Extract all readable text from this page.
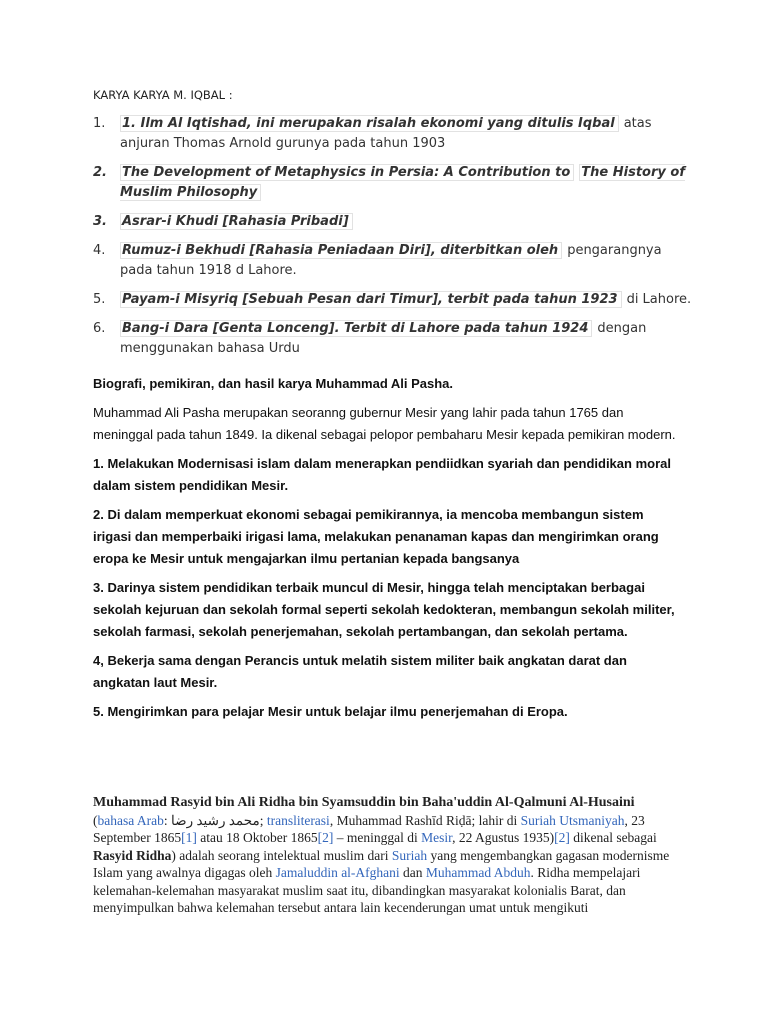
KARYA KARYA M. IQBAL :
1. 1. Ilm Al Iqtishad, ini merupakan risalah ekonomi yang ditulis Iqbal atas anjuran Thomas Arnold gurunya pada tahun 1903
2. The Development of Metaphysics in Persia: A Contribution to The History of Muslim Philosophy
3. Asrar-i Khudi [Rahasia Pribadi]
4. Rumuz-i Bekhudi [Rahasia Peniadaan Diri], diterbitkan oleh pengarangnya pada tahun 1918 d Lahore.
5. Payam-i Misyriq [Sebuah Pesan dari Timur], terbit pada tahun 1923 di Lahore.
6. Bang-i Dara [Genta Lonceng]. Terbit di Lahore pada tahun 1924 dengan menggunakan bahasa Urdu

Biografi, pemikiran, dan hasil karya Muhammad Ali Pasha.

Muhammad Ali Pasha merupakan seoranng gubernur Mesir yang lahir pada tahun 1765 dan meninggal pada tahun 1849. Ia dikenal sebagai pelopor pembaharu Mesir kepada pemikiran modern.

1. Melakukan Modernisasi islam dalam menerapkan pendiidkan syariah dan pendidikan moral dalam sistem pendidikan Mesir.

2. Di dalam memperkuat ekonomi sebagai pemikirannya, ia mencoba membangun sistem irigasi dan memperbaiki irigasi lama, melakukan penanaman kapas dan mengirimkan orang eropa ke Mesir untuk mengajarkan ilmu pertanian kepada bangsanya

3. Darinya sistem pendidikan terbaik muncul di Mesir, hingga telah menciptakan berbagai sekolah kejuruan dan sekolah formal seperti sekolah kedokteran, membangun sekolah militer, sekolah farmasi, sekolah penerjemahan, sekolah pertambangan, dan sekolah pertama.

4, Bekerja sama dengan Perancis untuk melatih sistem militer baik angkatan darat dan angkatan laut Mesir.

5. Mengirimkan para pelajar Mesir untuk belajar ilmu penerjemahan di Eropa.

Muhammad Rasyid bin Ali Ridha bin Syamsuddin bin Baha'uddin Al-Qalmuni Al-Husaini (bahasa Arab: محمد رشيد رضا; transliterasi, Muhammad Rashīd Riḍā; lahir di Suriah Utsmaniyah, 23 September 1865[1] atau 18 Oktober 1865[2] – meninggal di Mesir, 22 Agustus 1935)[2] dikenal sebagai Rasyid Ridha) adalah seorang intelektual muslim dari Suriah yang mengembangkan gagasan modernisme Islam yang awalnya digagas oleh Jamaluddin al-Afghani dan Muhammad Abduh. Ridha mempelajari kelemahan-kelemahan masyarakat muslim saat itu, dibandingkan masyarakat kolonialis Barat, dan menyimpulkan bahwa kelemahan tersebut antara lain kecenderungan umat untuk mengikuti
